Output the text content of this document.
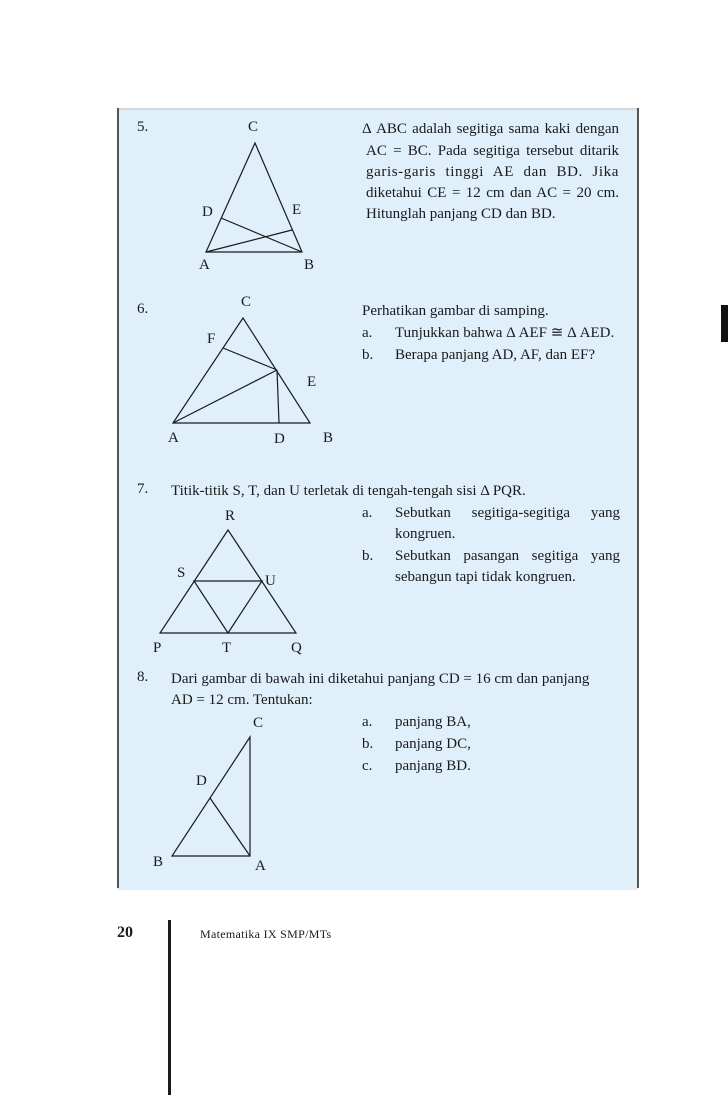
5.	C
D	E
A	B
Δ ABC adalah segitiga sama kaki dengan
AC = BC. Pada segitiga tersebut ditarik
garis-garis tinggi AE dan BD. Jika
diketahui CE = 12 cm dan AC = 20 cm.
Hitunglah panjang CD dan BD.
6.	C
F
E
A	D	B
Perhatikan gambar di samping.
a. Tunjukkan bahwa Δ AEF ≅ Δ AED.
b. Berapa panjang AD, AF, dan EF?
7. Titik-titik S, T, dan U terletak di tengah-tengah sisi Δ PQR.
R
S	U
P	T	Q
a. Sebutkan segitiga-segitiga yang
kongruen.
b. Sebutkan pasangan segitiga yang
sebangun tapi tidak kongruen.
8. Dari gambar di bawah ini diketahui panjang CD = 16 cm dan panjang
AD = 12 cm. Tentukan:
C
D
B	A
a. panjang BA,
b. panjang DC,
c. panjang BD.
20	Matematika IX SMP/MTs
